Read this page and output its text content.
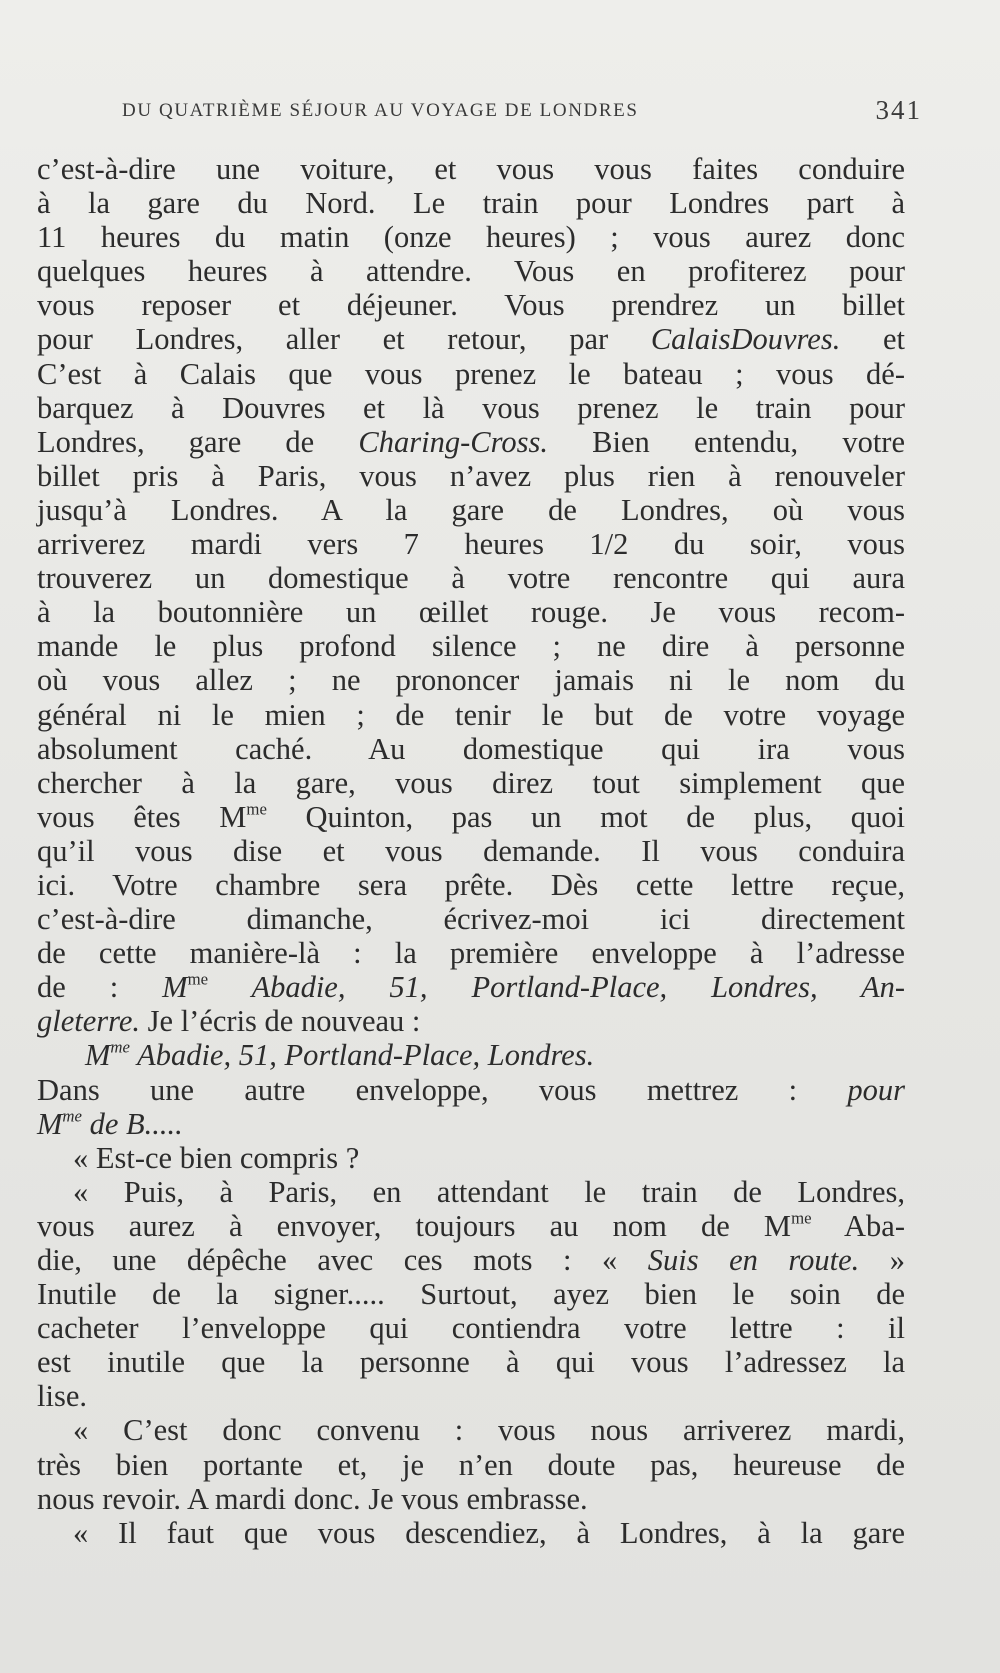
DU QUATRIÈME SÉJOUR AU VOYAGE DE LONDRES	341
c’est-à-dire une voiture, et vous vous faites conduire
à la gare du Nord. Le train pour Londres part à
11 heures du matin (onze heures) ; vous aurez donc
quelques heures à attendre. Vous en profiterez pour
vous reposer et déjeuner. Vous prendrez un billet
pour Londres, aller et retour, par CalaisDouvres. et
C’est à Calais que vous prenez le bateau ; vous dé-
barquez à Douvres et là vous prenez le train pour
Londres, gare de Charing-Cross. Bien entendu, votre
billet pris à Paris, vous n’avez plus rien à renouveler
jusqu’à Londres. A la gare de Londres, où vous
arriverez mardi vers 7 heures 1/2 du soir, vous
trouverez un domestique à votre rencontre qui aura
à la boutonnière un œillet rouge. Je vous recom-
mande le plus profond silence ; ne dire à personne
où vous allez ; ne prononcer jamais ni le nom du
général ni le mien ; de tenir le but de votre voyage
absolument caché. Au domestique qui ira vous
chercher à la gare, vous direz tout simplement que
vous êtes $M^{me}$ Quinton, pas un mot de plus, quoi
qu’il vous dise et vous demande. Il vous conduira
ici. Votre chambre sera prête. Dès cette lettre reçue,
c’est-à-dire dimanche, écrivez-moi ici directement
de cette manière-là : la première enveloppe à l’adresse
de : $M^{me}$ Abadie, 51, Portland-Place, Londres, An-
gleterre. Je l’écris de nouveau :
$M^{me}$ Abadie, 51, Portland-Place, Londres.
Dans une autre enveloppe, vous mettrez : pour
$M^{me}$ de B.....
« Est-ce bien compris ?
« Puis, à Paris, en attendant le train de Londres,
vous aurez à envoyer, toujours au nom de $M^{me}$ Aba-
die, une dépêche avec ces mots : « Suis en route. »
Inutile de la signer..... Surtout, ayez bien le soin de
cacheter l’enveloppe qui contiendra votre lettre : il
est inutile que la personne à qui vous l’adressez la
lise.
« C’est donc convenu : vous nous arriverez mardi,
très bien portante et, je n’en doute pas, heureuse de
nous revoir. A mardi donc. Je vous embrasse.
« Il faut que vous descendiez, à Londres, à la gare
